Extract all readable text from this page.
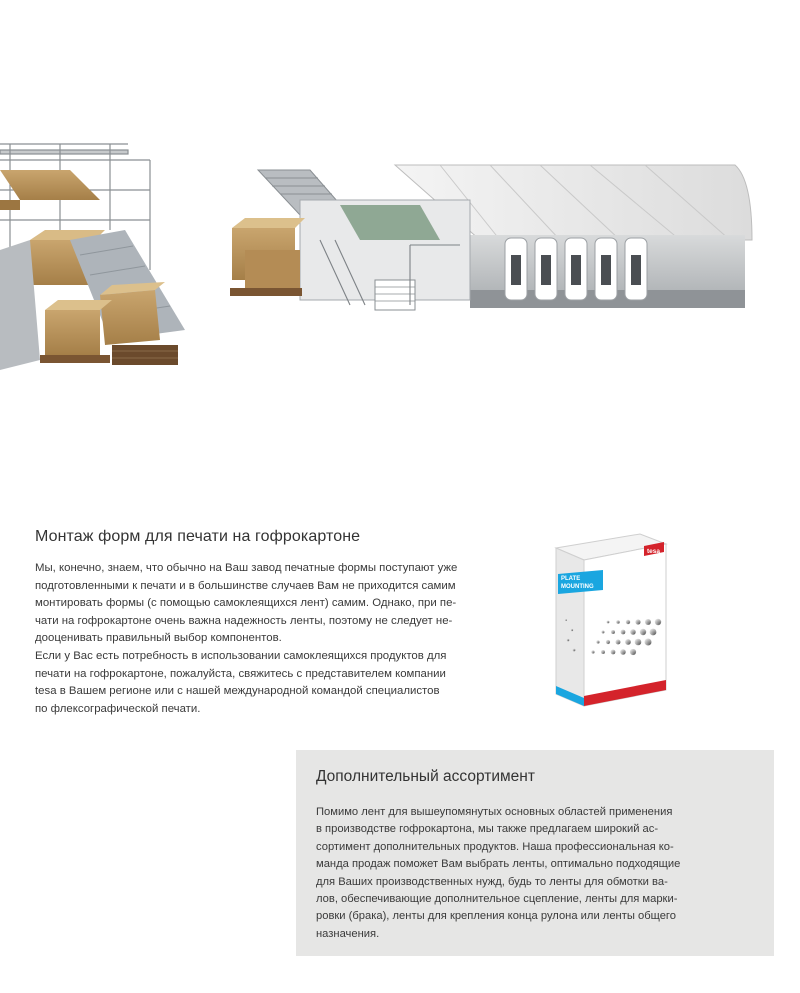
Монтаж форм для печати на гофрокартоне
Мы, конечно, знаем, что обычно на Ваш завод печатные формы поступают уже
подготовленными к печати и в большинстве случаев Вам не приходится самим
монтировать формы (с помощью самоклеящихся лент) самим. Однако, при пе-
чати на гофрокартоне очень важна надежность ленты, поэтому не следует не-
дооценивать правильный выбор компонентов.
Если у Вас есть потребность в использовании самоклеящихся продуктов для
печати на гофрокартоне, пожалуйста, свяжитесь с представителем компании
tesa в Вашем регионе или с нашей международной командой специалистов
по флексографической печати.
tesa
PLATE
MOUNTING
Дополнительный ассортимент
Помимо лент для вышеупомянутых основных областей применения
в производстве гофрокартона, мы также предлагаем широкий ас-
сортимент дополнительных продуктов. Наша профессиональная ко-
манда продаж поможет Вам выбрать ленты, оптимально подходящие
для Ваших производственных нужд, будь то ленты для обмотки ва-
лов, обеспечивающие дополнительное сцепление, ленты для марки-
ровки (брака), ленты для крепления конца рулона или ленты общего
назначения.
